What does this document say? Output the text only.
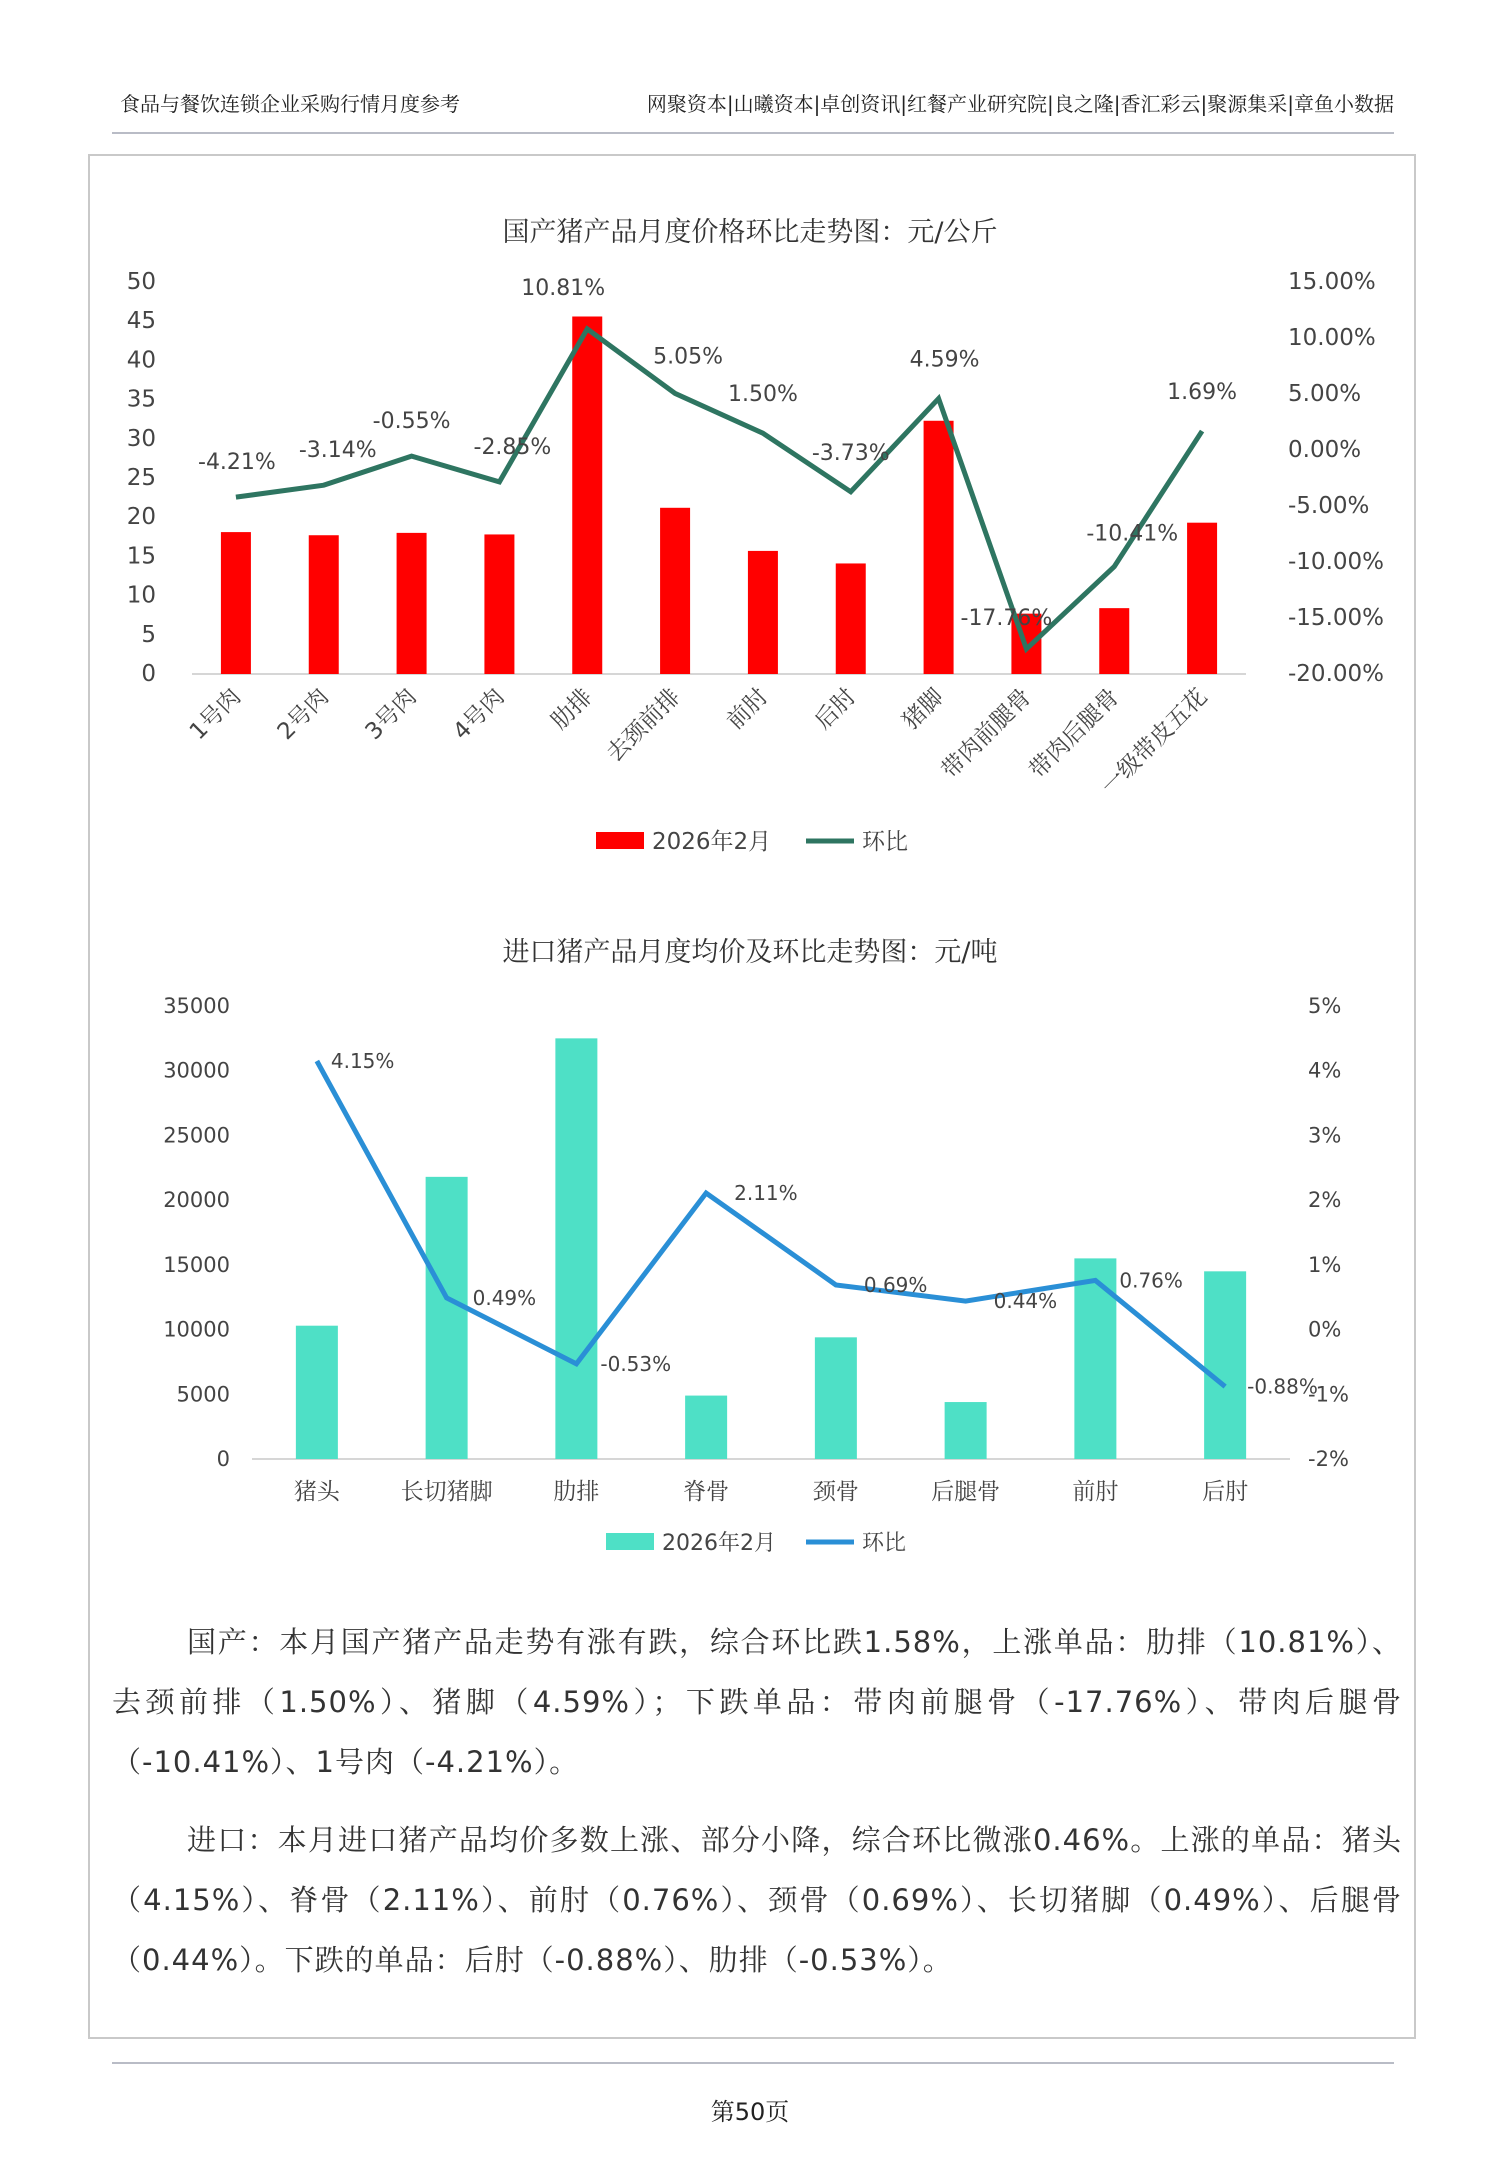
食品与餐饮连锁企业采购行情月度参考	网聚资本|山曦资本|卓创资讯|红餐产业研究院|良之隆|香汇彩云|聚源集采|章鱼小数据
国产猪产品月度价格环比走势图：元/公斤
0
5
10
15
20
25
30
35
40
45
50
-20.00%
-15.00%
-10.00%
-5.00%
0.00%
5.00%
10.00%
15.00%
-4.21% -3.14%
-0.55%
-2.85%
10.81%
5.05%
1.50%
-3.73%
4.59%
-17.76%
-10.41%
1.69%
1号肉 2号肉 3号肉 4号肉 肋排 去颈前排 前肘 后肘 猪脚
带肉前腿骨
带肉后腿骨
一级带皮五花
2026年2月	环比
进口猪产品月度均价及环比走势图：元/吨
0
5000
10000
15000
20000
25000
30000
35000
-2%
-1%
0%
1%
2%
3%
4%
5%
4.15%
0.49%
-0.53%
2.11%
0.69%
0.44%
0.76%
-0.88%
猪头	长切猪脚	肋排	脊骨	颈骨	后腿骨	前肘	后肘
2026年2月	环比
国产：本月国产猪产品走势有涨有跌，综合环比跌1.58%，上涨单品：肋排（10.81%）、去颈前排（1.50%）、猪脚（4.59%）；下跌单品：带肉前腿骨（-17.76%）、带肉后腿骨（-10.41%）、1号肉（-4.21%）。
进口：本月进口猪产品均价多数上涨、部分小降，综合环比微涨0.46%。上涨的单品：猪头（4.15%）、脊骨（2.11%）、前肘（0.76%）、颈骨（0.69%）、长切猪脚（0.49%）、后腿骨（0.44%）。下跌的单品：后肘（-0.88%）、肋排（-0.53%）。
第50页
